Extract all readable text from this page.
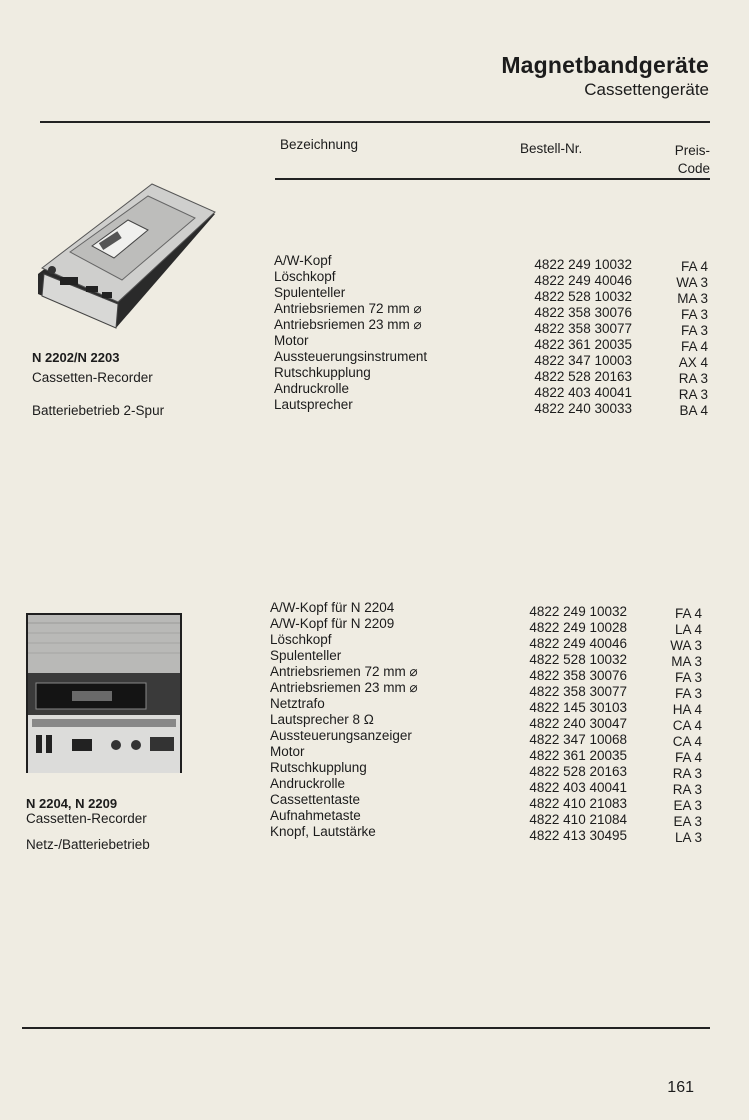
Magnetbandgeräte
Cassettengeräte
Bezeichnung	Bestell-Nr.	Preis-
Code
N 2202/N 2203
Cassetten-Recorder
Batteriebetrieb 2-Spur
A/W-Kopf
Löschkopf
Spulenteller
Antriebsriemen 72 mm ⌀
Antriebsriemen 23 mm ⌀
Motor
Aussteuerungsinstrument
Rutschkupplung
Andruckrolle
Lautsprecher
4822 249 10032
4822 249 40046
4822 528 10032
4822 358 30076
4822 358 30077
4822 361 20035
4822 347 10003
4822 528 20163
4822 403 40041
4822 240 30033
FA 4
WA 3
MA 3
FA 3
FA 3
FA 4
AX 4
RA 3
RA 3
BA 4
N 2204, N 2209
Cassetten-Recorder
Netz-/Batteriebetrieb
A/W-Kopf für N 2204
A/W-Kopf für N 2209
Löschkopf
Spulenteller
Antriebsriemen 72 mm ⌀
Antriebsriemen 23 mm ⌀
Netztrafo
Lautsprecher 8 Ω
Aussteuerungsanzeiger
Motor
Rutschkupplung
Andruckrolle
Cassettentaste
Aufnahmetaste
Knopf, Lautstärke
4822 249 10032
4822 249 10028
4822 249 40046
4822 528 10032
4822 358 30076
4822 358 30077
4822 145 30103
4822 240 30047
4822 347 10068
4822 361 20035
4822 528 20163
4822 403 40041
4822 410 21083
4822 410 21084
4822 413 30495
FA 4
LA 4
WA 3
MA 3
FA 3
FA 3
HA 4
CA 4
CA 4
FA 4
RA 3
RA 3
EA 3
EA 3
LA 3
161
